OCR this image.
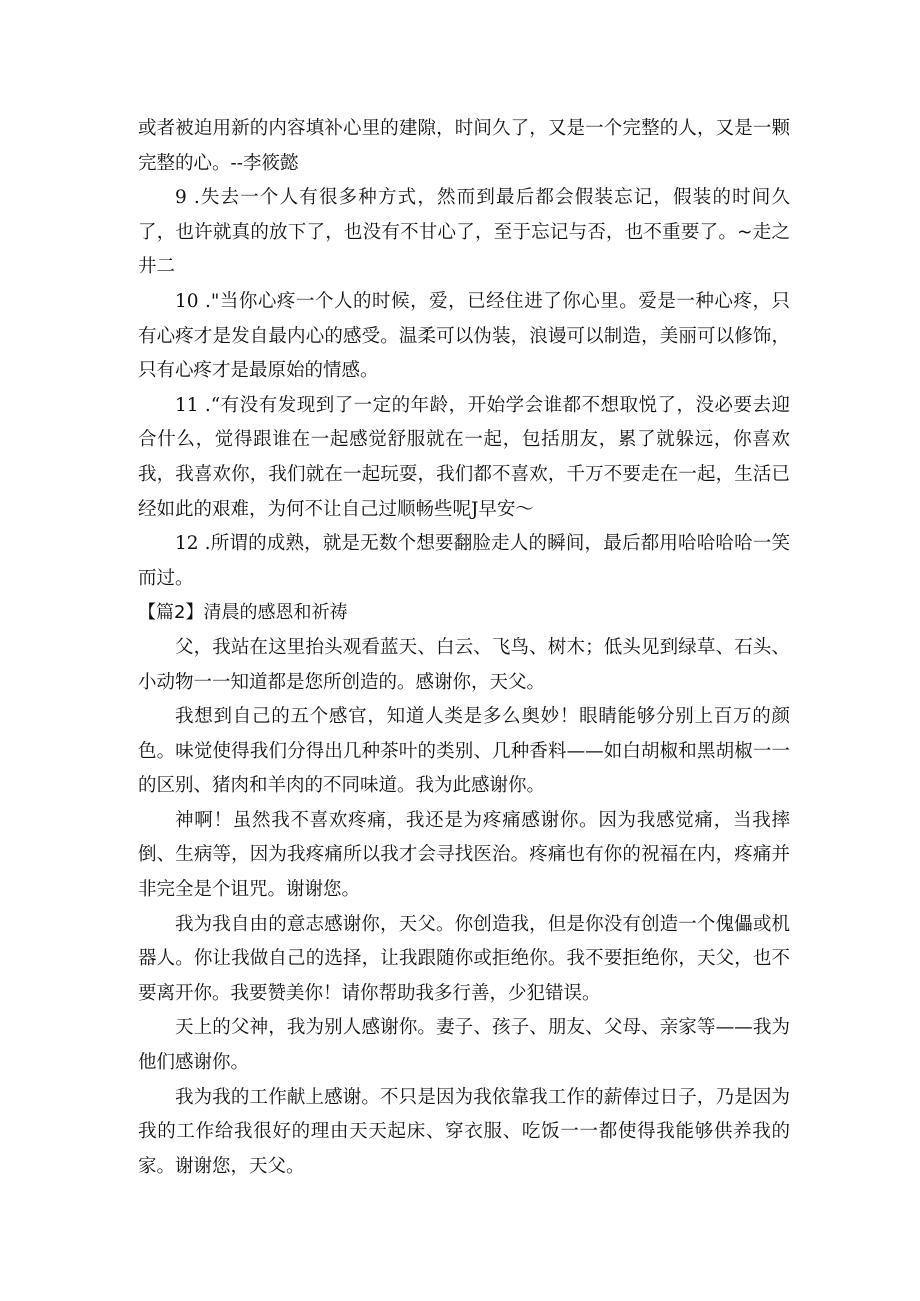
或者被迫用新的内容填补心里的建隙，时间久了，又是一个完整的人，又是一颗完整的心。--李筱懿

9 .失去一个人有很多种方式，然而到最后都会假装忘记，假装的时间久了，也许就真的放下了，也没有不甘心了，至于忘记与否，也不重要了。~走之井二

10 ."当你心疼一个人的时候，爱，已经住进了你心里。爱是一种心疼，只有心疼才是发自最内心的感受。温柔可以伪装，浪谩可以制造，美丽可以修饰，只有心疼才是最原始的情感。

11 .“有没有发现到了一定的年龄，开始学会谁都不想取悦了，没必要去迎合什么，觉得跟谁在一起感觉舒服就在一起，包括朋友，累了就躲远，你喜欢我，我喜欢你，我们就在一起玩耍，我们都不喜欢，千万不要走在一起，生活已经如此的艰难，为何不让自己过顺畅些呢J早安〜

12 .所谓的成熟，就是无数个想要翻脸走人的瞬间，最后都用哈哈哈哈一笑而过。

【篇2】清晨的感恩和祈祷

父，我站在这里抬头观看蓝天、白云、飞鸟、树木；低头见到绿草、石头、小动物一一知道都是您所创造的。感谢你，天父。

我想到自己的五个感官，知道人类是多么奥妙！眼睛能够分别上百万的颜色。味觉使得我们分得出几种茶叶的类别、几种香料——如白胡椒和黑胡椒一一的区别、猪肉和羊肉的不同味道。我为此感谢你。

神啊！虽然我不喜欢疼痛，我还是为疼痛感谢你。因为我感觉痛，当我摔倒、生病等，因为我疼痛所以我才会寻找医治。疼痛也有你的祝福在内，疼痛并非完全是个诅咒。谢谢您。

我为我自由的意志感谢你，天父。你创造我，但是你没有创造一个傀儡或机器人。你让我做自己的选择，让我跟随你或拒绝你。我不要拒绝你，天父，也不要离开你。我要赞美你！请你帮助我多行善，少犯错误。

天上的父神，我为别人感谢你。妻子、孩子、朋友、父母、亲家等——我为他们感谢你。

我为我的工作献上感谢。不只是因为我依靠我工作的薪俸过日子，乃是因为我的工作给我很好的理由天天起床、穿衣服、吃饭一一都使得我能够供养我的家。谢谢您，天父。
